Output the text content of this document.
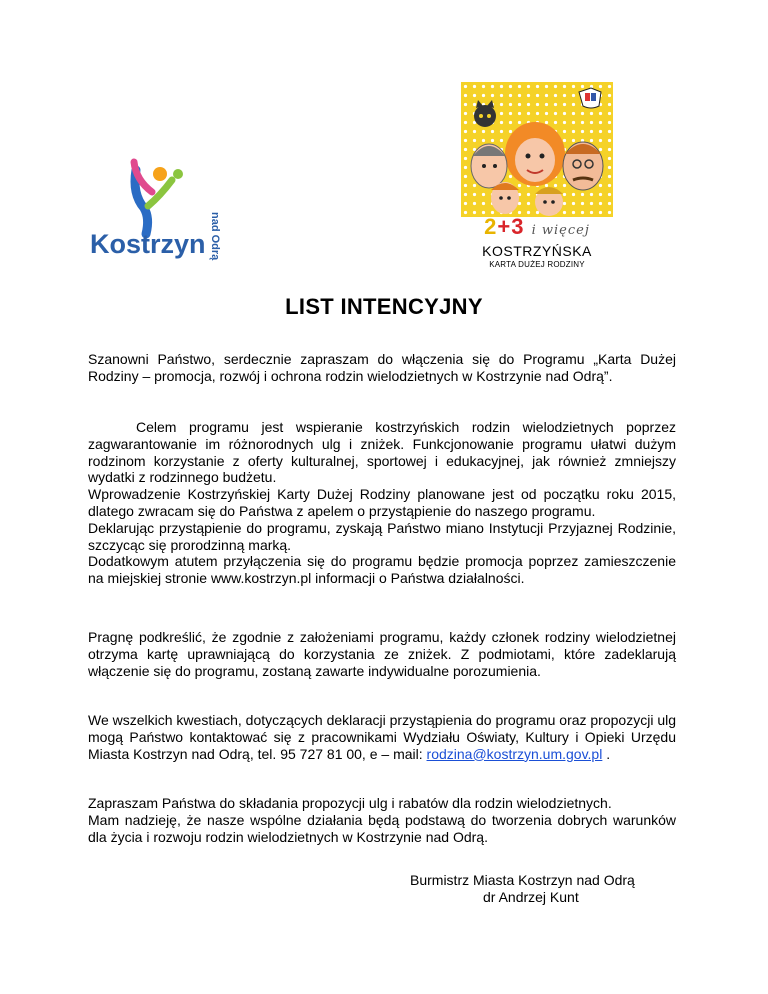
Kostrzyn nad Odrą	2+3 i więcej
KOSTRZYŃSKA
KARTA DUŻEJ RODZINY
LIST INTENCYJNY

Szanowni Państwo, serdecznie zapraszam do włączenia się do Programu „Karta Dużej Rodziny – promocja, rozwój i ochrona rodzin wielodzietnych w Kostrzynie nad Odrą”.

Celem programu jest wspieranie kostrzyńskich rodzin wielodzietnych poprzez zagwarantowanie im różnorodnych ulg i zniżek. Funkcjonowanie programu ułatwi dużym rodzinom korzystanie z oferty kulturalnej, sportowej i edukacyjnej, jak również zmniejszy wydatki z rodzinnego budżetu.
Wprowadzenie Kostrzyńskiej Karty Dużej Rodziny planowane jest od początku roku 2015, dlatego zwracam się do Państwa z apelem o przystąpienie do naszego programu.
Deklarując przystąpienie do programu, zyskają Państwo miano Instytucji Przyjaznej Rodzinie, szczycąc się prorodzinną marką.
Dodatkowym atutem przyłączenia się do programu będzie promocja poprzez zamieszczenie na miejskiej stronie www.kostrzyn.pl informacji o Państwa działalności.

Pragnę podkreślić, że zgodnie z założeniami programu, każdy członek rodziny wielodzietnej otrzyma kartę uprawniającą do korzystania ze zniżek. Z podmiotami, które zadeklarują włączenie się do programu, zostaną zawarte indywidualne porozumienia.

We wszelkich kwestiach, dotyczących deklaracji przystąpienia do programu oraz propozycji ulg mogą Państwo kontaktować się z pracownikami Wydziału Oświaty, Kultury i Opieki Urzędu Miasta Kostrzyn nad Odrą, tel. 95 727 81 00, e – mail: rodzina@kostrzyn.um.gov.pl .

Zapraszam Państwa do składania propozycji ulg i rabatów dla rodzin wielodzietnych.
Mam nadzieję, że nasze wspólne działania będą podstawą do tworzenia dobrych warunków dla życia i rozwoju rodzin wielodzietnych w Kostrzynie nad Odrą.
Burmistrz Miasta Kostrzyn nad Odrą
dr Andrzej Kunt
